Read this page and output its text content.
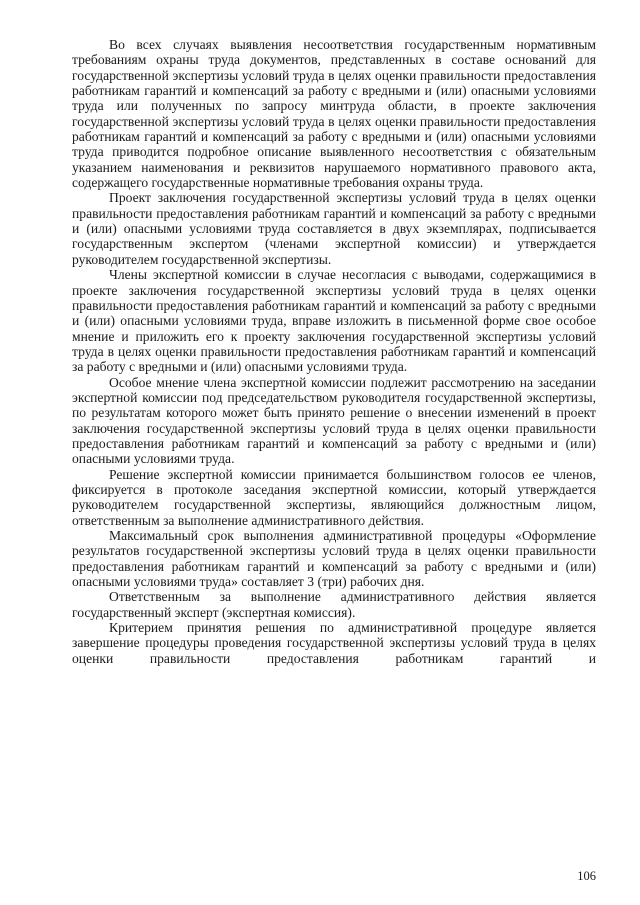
Во всех случаях выявления несоответствия государственным нормативным требованиям охраны труда документов, представленных в составе оснований для государственной экспертизы условий труда в целях оценки правильности предоставления работникам гарантий и компенсаций за работу с вредными и (или) опасными условиями труда или полученных по запросу минтруда области, в проекте заключения государственной экспертизы условий труда в целях оценки правильности предоставления работникам гарантий и компенсаций за работу с вредными и (или) опасными условиями труда приводится подробное описание выявленного несоответствия с обязательным указанием наименования и реквизитов нарушаемого нормативного правового акта, содержащего государственные нормативные требования охраны труда.

Проект заключения государственной экспертизы условий труда в целях оценки правильности предоставления работникам гарантий и компенсаций за работу с вредными и (или) опасными условиями труда составляется в двух экземплярах, подписывается государственным экспертом (членами экспертной комиссии) и утверждается руководителем государственной экспертизы.

Члены экспертной комиссии в случае несогласия с выводами, содержащимися в проекте заключения государственной экспертизы условий труда в целях оценки правильности предоставления работникам гарантий и компенсаций за работу с вредными и (или) опасными условиями труда, вправе изложить в письменной форме свое особое мнение и приложить его к проекту заключения государственной экспертизы условий труда в целях оценки правильности предоставления работникам гарантий и компенсаций за работу с вредными и (или) опасными условиями труда.

Особое мнение члена экспертной комиссии подлежит рассмотрению на заседании экспертной комиссии под председательством руководителя государственной экспертизы, по результатам которого может быть принято решение о внесении изменений в проект заключения государственной экспертизы условий труда в целях оценки правильности предоставления работникам гарантий и компенсаций за работу с вредными и (или) опасными условиями труда.

Решение экспертной комиссии принимается большинством голосов ее членов, фиксируется в протоколе заседания экспертной комиссии, который утверждается руководителем государственной экспертизы, являющийся должностным лицом, ответственным за выполнение административного действия.

Максимальный срок выполнения административной процедуры «Оформление результатов государственной экспертизы условий труда в целях оценки правильности предоставления работникам гарантий и компенсаций за работу с вредными и (или) опасными условиями труда» составляет 3 (три) рабочих дня.

Ответственным за выполнение административного действия является государственный эксперт (экспертная комиссия).

Критерием принятия решения по административной процедуре является завершение процедуры проведения государственной экспертизы условий труда в целях оценки правильности предоставления работникам гарантий и

106
